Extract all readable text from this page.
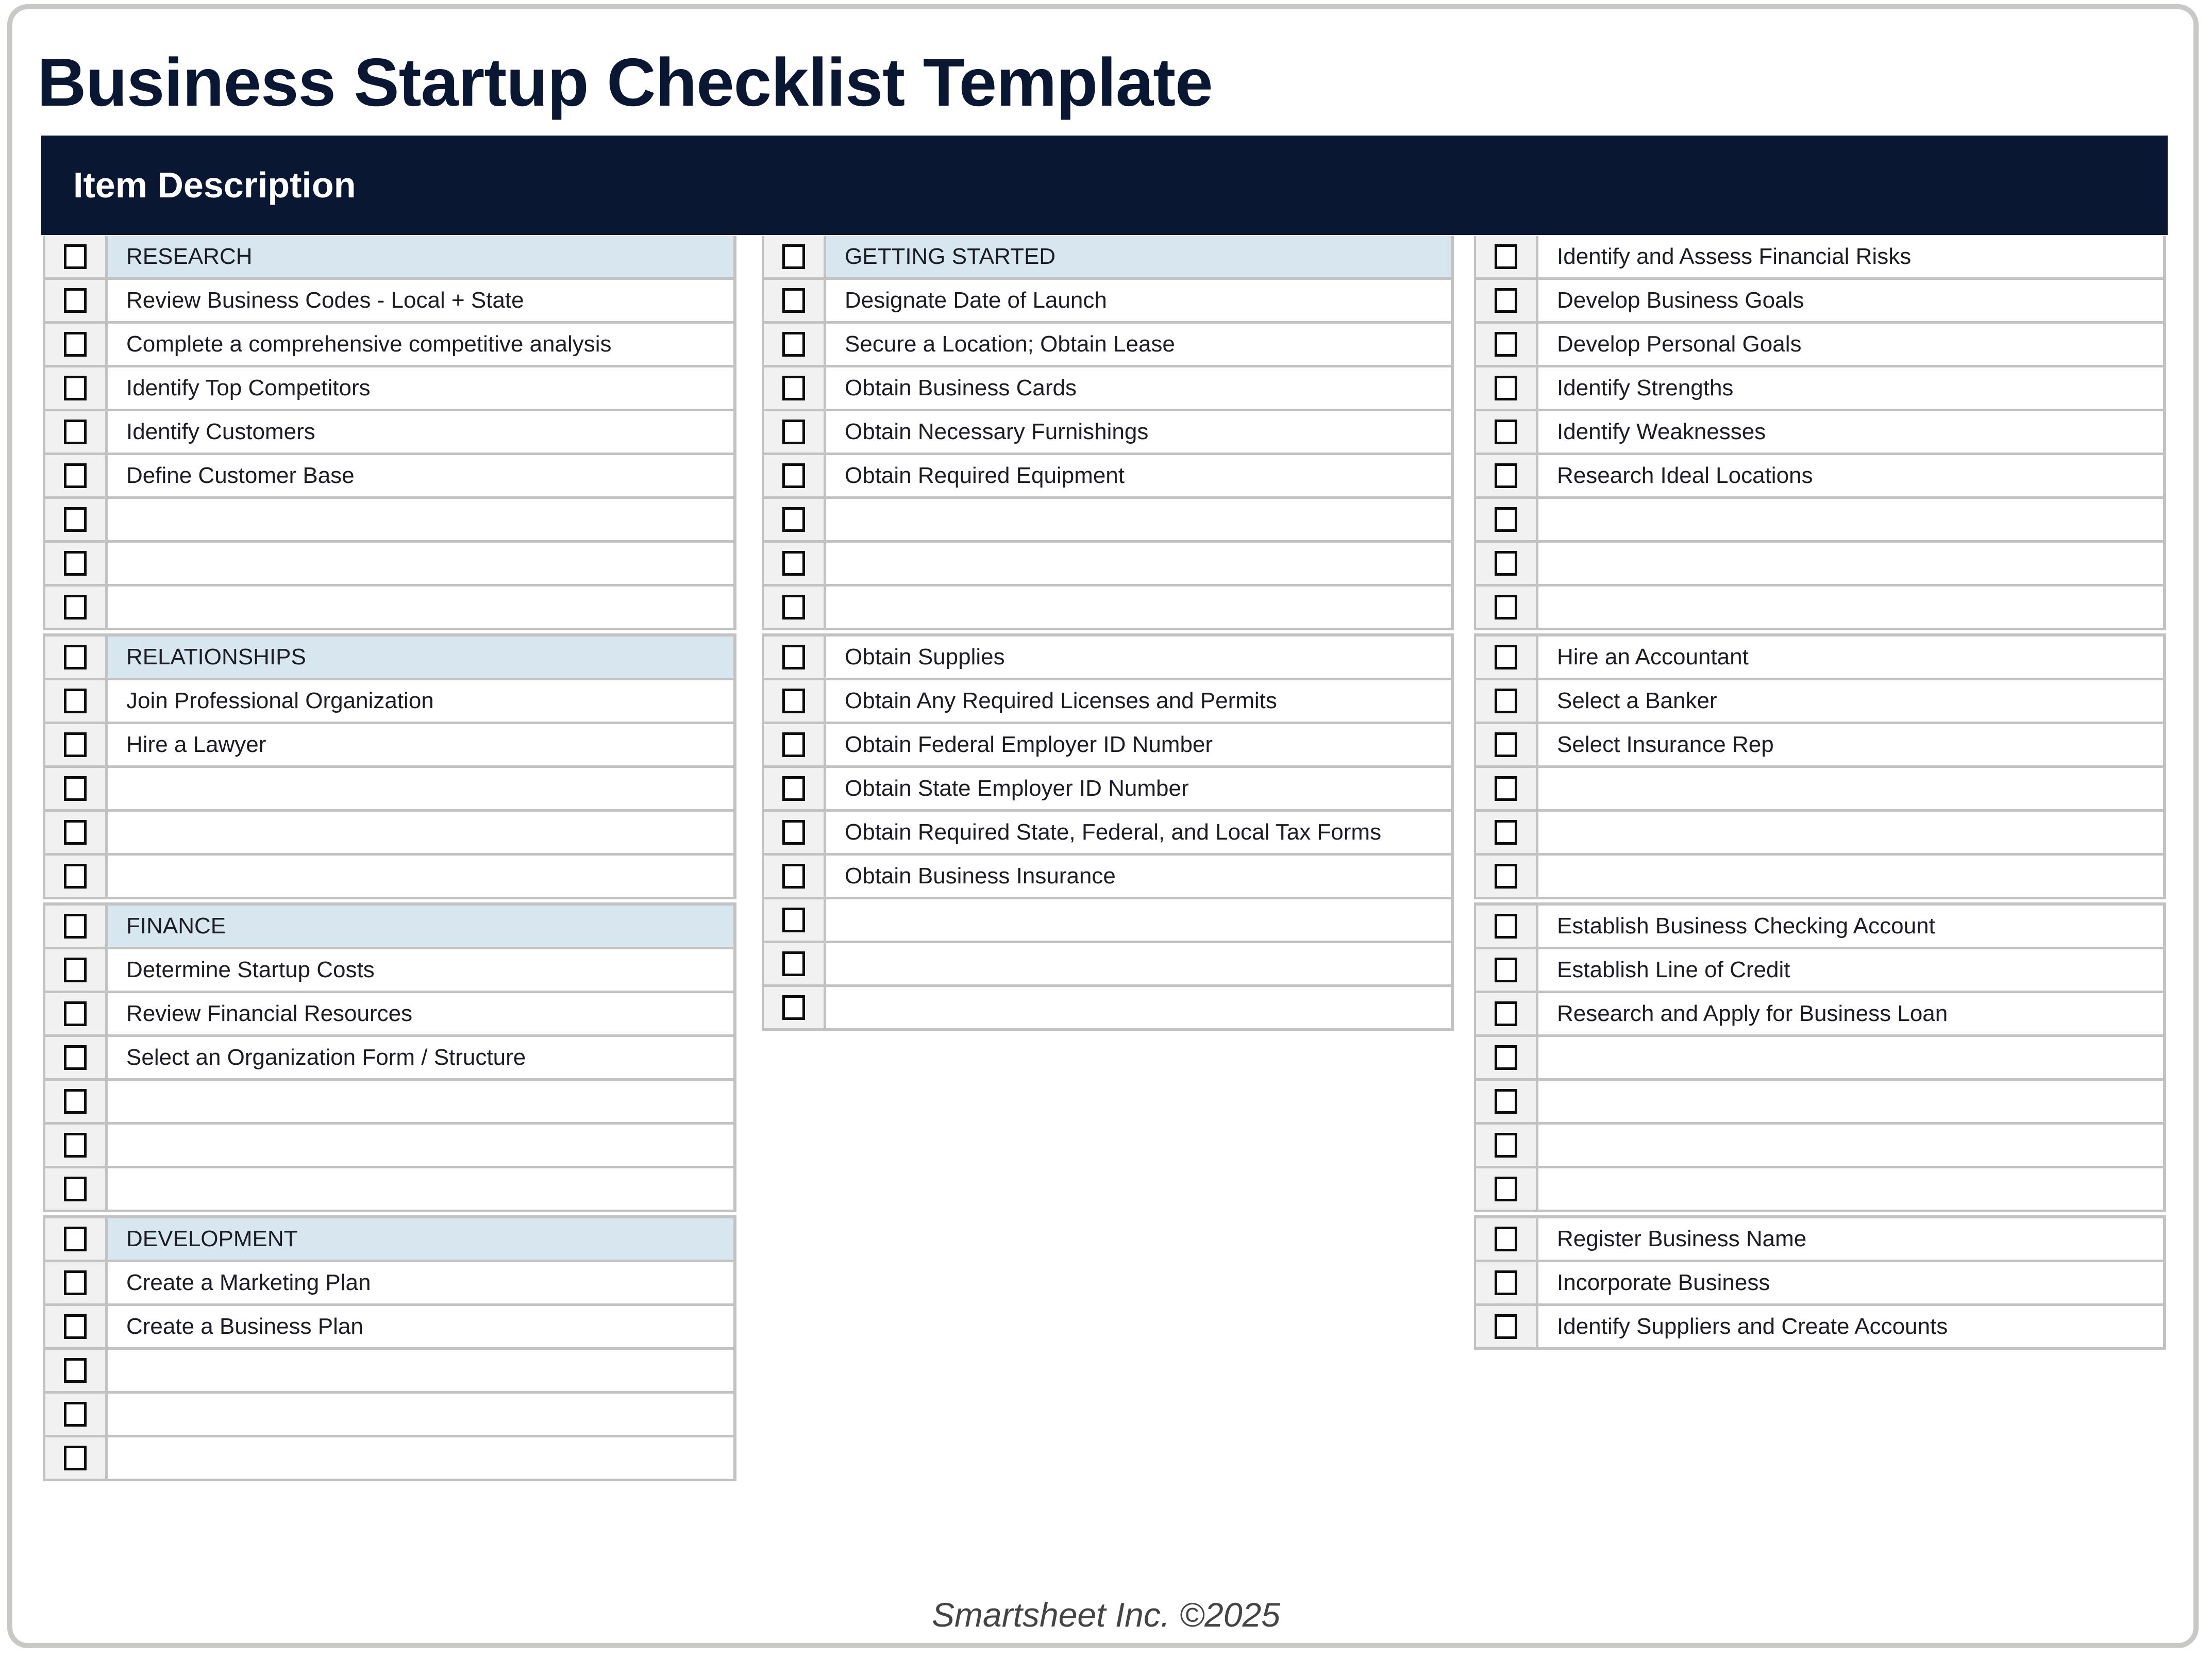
Business Startup Checklist Template
Item Description
RESEARCH
Review Business Codes - Local + State
Complete a comprehensive competitive analysis
Identify Top Competitors
Identify Customers
Define Customer Base
RELATIONSHIPS
Join Professional Organization
Hire a Lawyer
FINANCE
Determine Startup Costs
Review Financial Resources
Select an Organization Form / Structure
DEVELOPMENT
Create a Marketing Plan
Create a Business Plan
GETTING STARTED
Designate Date of Launch
Secure a Location; Obtain Lease
Obtain Business Cards
Obtain Necessary Furnishings
Obtain Required Equipment
Obtain Supplies
Obtain Any Required Licenses and Permits
Obtain Federal Employer ID Number
Obtain State Employer ID Number
Obtain Required State, Federal, and Local Tax Forms
Obtain Business Insurance
Identify and Assess Financial Risks
Develop Business Goals
Develop Personal Goals
Identify Strengths
Identify Weaknesses
Research Ideal Locations
Hire an Accountant
Select a Banker
Select Insurance Rep
Establish Business Checking Account
Establish Line of Credit
Research and Apply for Business Loan
Register Business Name
Incorporate Business
Identify Suppliers and Create Accounts
Smartsheet Inc. ©2025
